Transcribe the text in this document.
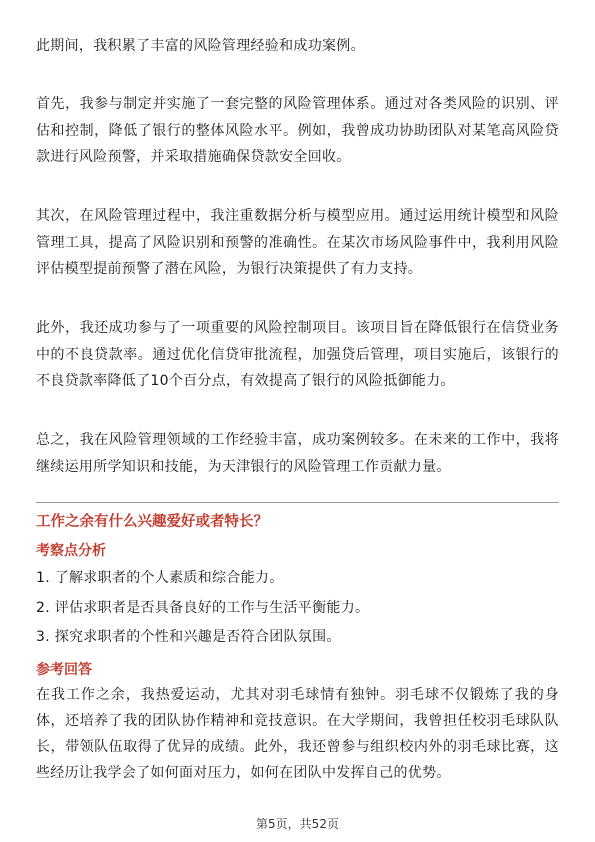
此期间，我积累了丰富的风险管理经验和成功案例。

首先，我参与制定并实施了一套完整的风险管理体系。通过对各类风险的识别、评估和控制，降低了银行的整体风险水平。例如，我曾成功协助团队对某笔高风险贷款进行风险预警，并采取措施确保贷款安全回收。

其次，在风险管理过程中，我注重数据分析与模型应用。通过运用统计模型和风险管理工具，提高了风险识别和预警的准确性。在某次市场风险事件中，我利用风险评估模型提前预警了潜在风险，为银行决策提供了有力支持。

此外，我还成功参与了一项重要的风险控制项目。该项目旨在降低银行在信贷业务中的不良贷款率。通过优化信贷审批流程，加强贷后管理，项目实施后，该银行的不良贷款率降低了10个百分点，有效提高了银行的风险抵御能力。

总之，我在风险管理领域的工作经验丰富，成功案例较多。在未来的工作中，我将继续运用所学知识和技能，为天津银行的风险管理工作贡献力量。

工作之余有什么兴趣爱好或者特长？
考察点分析
1. 了解求职者的个人素质和综合能力。
2. 评估求职者是否具备良好的工作与生活平衡能力。
3. 探究求职者的个性和兴趣是否符合团队氛围。
参考回答

在我工作之余，我热爱运动，尤其对羽毛球情有独钟。羽毛球不仅锻炼了我的身体，还培养了我的团队协作精神和竞技意识。在大学期间，我曾担任校羽毛球队队长，带领队伍取得了优异的成绩。此外，我还曾参与组织校内外的羽毛球比赛，这些经历让我学会了如何面对压力，如何在团队中发挥自己的优势。

第5页，共52页
